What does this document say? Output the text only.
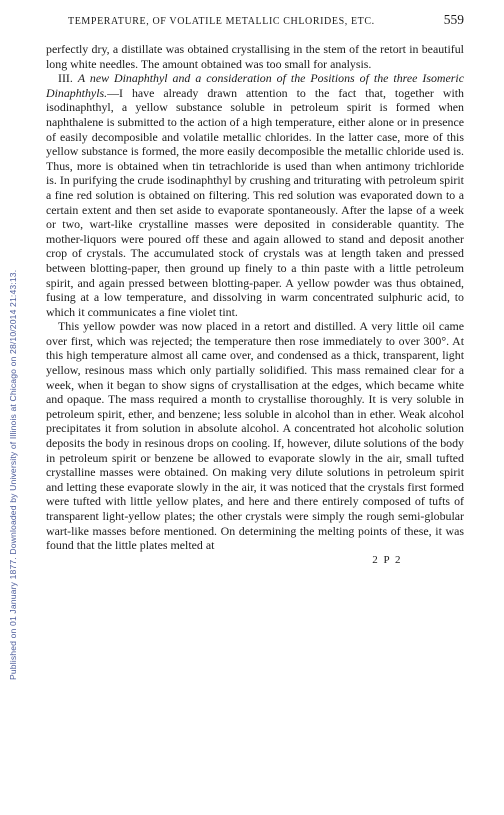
Published on 01 January 1877. Downloaded by University of Illinois at Chicago on 28/10/2014 21:43:13.
TEMPERATURE, OF VOLATILE METALLIC CHLORIDES, ETC.	559

perfectly dry, a distillate was obtained crystallising in the stem of the retort in beautiful long white needles. The amount obtained was too small for analysis.

III. A new Dinaphthyl and a consideration of the Positions of the three Isomeric Dinaphthyls.—I have already drawn attention to the fact that, together with isodinaphthyl, a yellow substance soluble in petroleum spirit is formed when naphthalene is submitted to the action of a high temperature, either alone or in presence of easily decomposible and volatile metallic chlorides. In the latter case, more of this yellow substance is formed, the more easily decomposible the metallic chloride used is. Thus, more is obtained when tin tetrachloride is used than when antimony trichloride is. In purifying the crude isodinaphthyl by crushing and triturating with petroleum spirit a fine red solution is obtained on filtering. This red solution was evaporated down to a certain extent and then set aside to evaporate spontaneously. After the lapse of a week or two, wart-like crystalline masses were deposited in considerable quantity. The mother-liquors were poured off these and again allowed to stand and deposit another crop of crystals. The accumulated stock of crystals was at length taken and pressed between blotting-paper, then ground up finely to a thin paste with a little petroleum spirit, and again pressed between blotting-paper. A yellow powder was thus obtained, fusing at a low temperature, and dissolving in warm concentrated sulphuric acid, to which it communicates a fine violet tint.

This yellow powder was now placed in a retort and distilled. A very little oil came over first, which was rejected; the temperature then rose immediately to over 300°. At this high temperature almost all came over, and condensed as a thick, transparent, light yellow, resinous mass which only partially solidified. This mass remained clear for a week, when it began to show signs of crystallisation at the edges, which became white and opaque. The mass required a month to crystallise thoroughly. It is very soluble in petroleum spirit, ether, and benzene; less soluble in alcohol than in ether. Weak alcohol precipitates it from solution in absolute alcohol. A concentrated hot alcoholic solution deposits the body in resinous drops on cooling. If, however, dilute solutions of the body in petroleum spirit or benzene be allowed to evaporate slowly in the air, small tufted crystalline masses were obtained. On making very dilute solutions in petroleum spirit and letting these evaporate slowly in the air, it was noticed that the crystals first formed were tufted with little yellow plates, and here and there entirely composed of tufts of transparent light-yellow plates; the other crystals were simply the rough semi-globular wart-like masses before mentioned. On determining the melting points of these, it was found that the little plates melted at

2 P 2
